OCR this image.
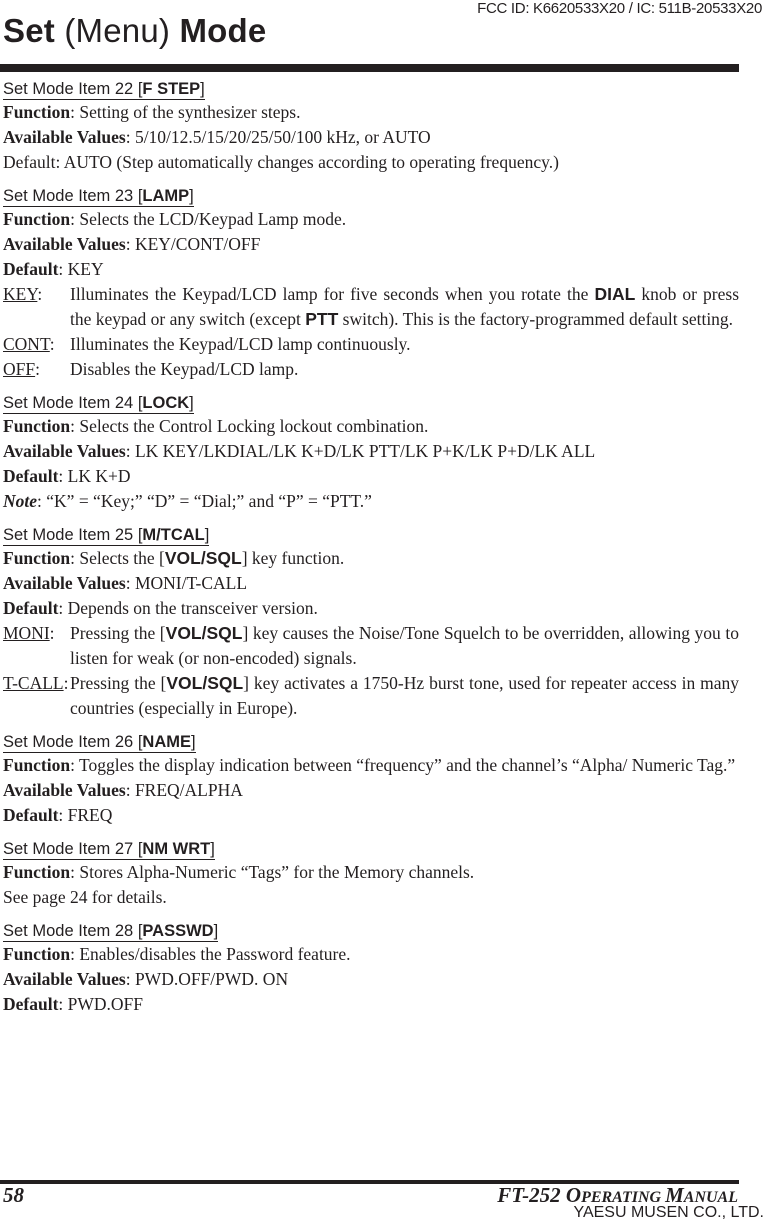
FCC ID: K6620533X20 / IC: 511B-20533X20
Set (Menu) Mode
Set Mode Item 22 [F STEP]
Function: Setting of the synthesizer steps.
Available Values: 5/10/12.5/15/20/25/50/100 kHz, or AUTO
Default: AUTO (Step automatically changes according to operating frequency.)
Set Mode Item 23 [LAMP]
Function: Selects the LCD/Keypad Lamp mode.
Available Values: KEY/CONT/OFF
Default: KEY
KEY:	Illuminates the Keypad/LCD lamp for five seconds when you rotate the DIAL knob or press the keypad or any switch (except PTT switch). This is the factory-programmed default setting.
CONT: Illuminates the Keypad/LCD lamp continuously.
OFF:	Disables the Keypad/LCD lamp.
Set Mode Item 24 [LOCK]
Function: Selects the Control Locking lockout combination.
Available Values: LK KEY/LKDIAL/LK K+D/LK PTT/LK P+K/LK P+D/LK ALL
Default: LK K+D
Note: “K” = “Key;” “D” = “Dial;” and “P” = “PTT.”
Set Mode Item 25 [M/TCAL]
Function: Selects the [VOL/SQL] key function.
Available Values: MONI/T-CALL
Default: Depends on the transceiver version.
MONI: Pressing the [VOL/SQL] key causes the Noise/Tone Squelch to be overridden, allowing you to listen for weak (or non-encoded) signals.
T-CALL: Pressing the [VOL/SQL] key activates a 1750-Hz burst tone, used for repeater access in many countries (especially in Europe).
Set Mode Item 26 [NAME]
Function: Toggles the display indication between “frequency” and the channel’s “Alpha/ Numeric Tag.”
Available Values: FREQ/ALPHA
Default: FREQ
Set Mode Item 27 [NM WRT]
Function: Stores Alpha-Numeric “Tags” for the Memory channels.
See page 24 for details.
Set Mode Item 28 [PASSWD]
Function: Enables/disables the Password feature.
Available Values: PWD.OFF/PWD. ON
Default: PWD.OFF
58	FT-252 OPERATING MANUAL
YAESU MUSEN CO., LTD.
